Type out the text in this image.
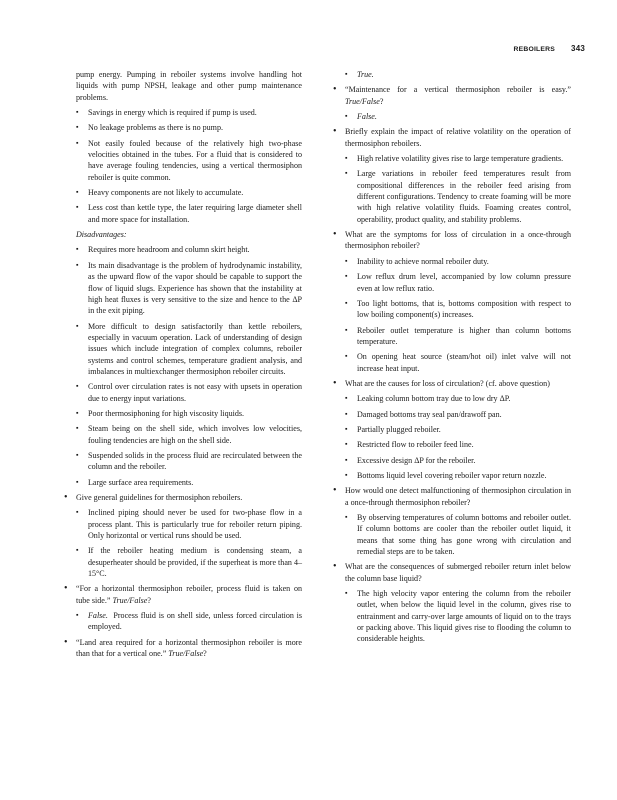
REBOILERS 343

pump energy. Pumping in reboiler systems involve handling hot liquids with pump NPSH, leakage and other pump maintenance problems.

▪ Savings in energy which is required if pump is used.
▪ No leakage problems as there is no pump.
▪ Not easily fouled because of the relatively high two-phase velocities obtained in the tubes. For a fluid that is considered to have average fouling tendencies, using a vertical thermosiphon reboiler is quite common.
▪ Heavy components are not likely to accumulate.
▪ Less cost than kettle type, the later requiring large diameter shell and more space for installation.

Disadvantages:

▪ Requires more headroom and column skirt height.
▪ Its main disadvantage is the problem of hydrodynamic instability, as the upward flow of the vapor should be capable to support the flow of liquid slugs. Experience has shown that the instability at high heat fluxes is very sensitive to the size and hence to the ΔP in the exit piping.
▪ More difficult to design satisfactorily than kettle reboilers, especially in vacuum operation. Lack of understanding of design issues which include integration of complex columns, reboiler systems and control schemes, temperature gradient analysis, and imbalances in multiexchanger thermosiphon reboiler circuits.
▪ Control over circulation rates is not easy with upsets in operation due to energy input variations.
▪ Poor thermosiphoning for high viscosity liquids.
▪ Steam being on the shell side, which involves low velocities, fouling tendencies are high on the shell side.
▪ Suspended solids in the process fluid are recirculated between the column and the reboiler.
▪ Large surface area requirements.
• Give general guidelines for thermosiphon reboilers.
▪ Inclined piping should never be used for two-phase flow in a process plant. This is particularly true for reboiler return piping. Only horizontal or vertical runs should be used.
▪ If the reboiler heating medium is condensing steam, a desuperheater should be provided, if the superheat is more than 4–15°C.
• “For a horizontal thermosiphon reboiler, process fluid is taken on tube side.” True/False?
▪ False. Process fluid is on shell side, unless forced circulation is employed.
• “Land area required for a horizontal thermosiphon reboiler is more than that for a vertical one.” True/False?
▪ True.
• “Maintenance for a vertical thermosiphon reboiler is easy.” True/False?
▪ False.
• Briefly explain the impact of relative volatility on the operation of thermosiphon reboilers.
▪ High relative volatility gives rise to large temperature gradients.
▪ Large variations in reboiler feed temperatures result from compositional differences in the reboiler feed arising from different configurations. Tendency to create foaming will be more with high relative volatility fluids. Foaming creates control, operability, product quality, and stability problems.
• What are the symptoms for loss of circulation in a once-through thermosiphon reboiler?
▪ Inability to achieve normal reboiler duty.
▪ Low reflux drum level, accompanied by low column pressure even at low reflux ratio.
▪ Too light bottoms, that is, bottoms composition with respect to low boiling component(s) increases.
▪ Reboiler outlet temperature is higher than column bottoms temperature.
▪ On opening heat source (steam/hot oil) inlet valve will not increase heat input.
• What are the causes for loss of circulation? (cf. above question)
▪ Leaking column bottom tray due to low dry ΔP.
▪ Damaged bottoms tray seal pan/drawoff pan.
▪ Partially plugged reboiler.
▪ Restricted flow to reboiler feed line.
▪ Excessive design ΔP for the reboiler.
▪ Bottoms liquid level covering reboiler vapor return nozzle.
• How would one detect malfunctioning of thermosiphon circulation in a once-through thermosiphon reboiler?
▪ By observing temperatures of column bottoms and reboiler outlet. If column bottoms are cooler than the reboiler outlet liquid, it means that some thing has gone wrong with circulation and remedial steps are to be taken.
• What are the consequences of submerged reboiler return inlet below the column base liquid?
▪ The high velocity vapor entering the column from the reboiler outlet, when below the liquid level in the column, gives rise to entrainment and carry-over large amounts of liquid on to the trays or packing above. This liquid gives rise to flooding the column to considerable heights.
